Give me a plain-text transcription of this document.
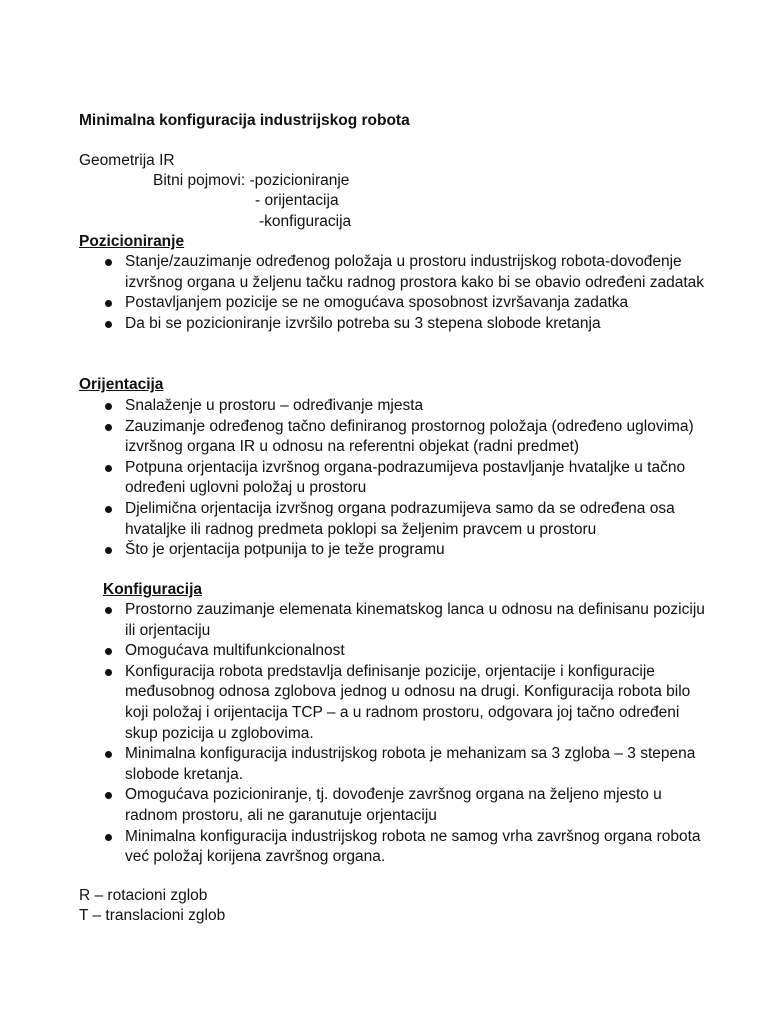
Minimalna konfiguracija industrijskog robota
Geometrija IR
Bitni pojmovi: -pozicioniranje
- orijentacija
-konfiguracija
Pozicioniranje
Stanje/zauzimanje određenog položaja u prostoru industrijskog robota-dovođenje izvršnog organa u željenu tačku radnog prostora kako bi se obavio određeni zadatak
Postavljanjem pozicije se ne omogućava sposobnost izvršavanja zadatka
Da bi se pozicioniranje izvršilo potreba su 3 stepena slobode kretanja
Orijentacija
Snalaženje u prostoru – određivanje mjesta
Zauzimanje određenog tačno definiranog prostornog položaja (određeno uglovima) izvršnog organa IR u odnosu na referentni objekat (radni predmet)
Potpuna orjentacija izvršnog organa-podrazumijeva postavljanje hvataljke u tačno određeni uglovni položaj u prostoru
Djelimična orjentacija izvršnog organa podrazumijeva samo da se određena osa hvataljke ili radnog predmeta poklopi sa željenim pravcem u prostoru
Što je orjentacija potpunija to je teže programu
Konfiguracija
Prostorno zauzimanje elemenata kinematskog lanca u odnosu na definisanu poziciju ili orjentaciju
Omogućava multifunkcionalnost
Konfiguracija robota predstavlja definisanje pozicije, orjentacije i konfiguracije međusobnog odnosa zglobova jednog u odnosu na drugi. Konfiguracija robota bilo koji položaj i orijentacija TCP – a u radnom prostoru, odgovara joj tačno određeni skup pozicija u zglobovima.
Minimalna konfiguracija industrijskog robota je mehanizam sa 3 zgloba – 3 stepena slobode kretanja.
Omogućava pozicioniranje, tj. dovođenje završnog organa na željeno mjesto u radnom prostoru, ali ne garanutuje orjentaciju
Minimalna konfiguracija industrijskog robota ne samog vrha završnog organa robota već položaj korijena završnog organa.
R – rotacioni zglob
T – translacioni zglob
